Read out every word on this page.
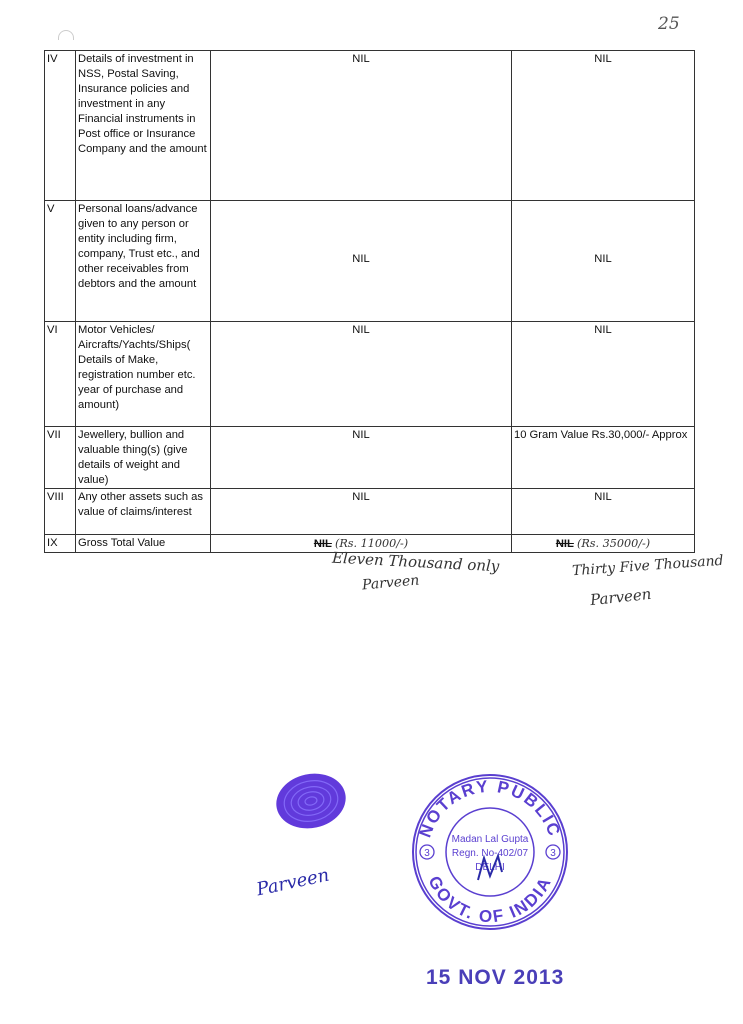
25
IV	Details of investment in NSS, Postal Saving, Insurance policies and investment in any Financial instruments in Post office or Insurance Company and the amount	NIL	NIL
V	Personal loans/advance given to any person or entity including firm, company, Trust etc., and other receivables from debtors and the amount	NIL	NIL
VI	Motor Vehicles/ Aircrafts/Yachts/Ships( Details of Make, registration number etc. year of purchase and amount)	NIL	NIL
VII	Jewellery, bullion and valuable thing(s) (give details of weight and value)	NIL	10 Gram Value Rs.30,000/- Approx
VIII	Any other assets such as value of claims/interest	NIL	NIL
IX	Gross Total Value	NIL (Rs. 11000/-)	NIL (Rs. 35000/-)
Eleven Thousand only
Parveen
Thirty Five Thousand
Parveen
Parveen
NOTARY PUBLIC
GOVT. OF INDIA
3	3
Madan Lal Gupta
Regn. No-402/07
DELHI
15 NOV 2013
